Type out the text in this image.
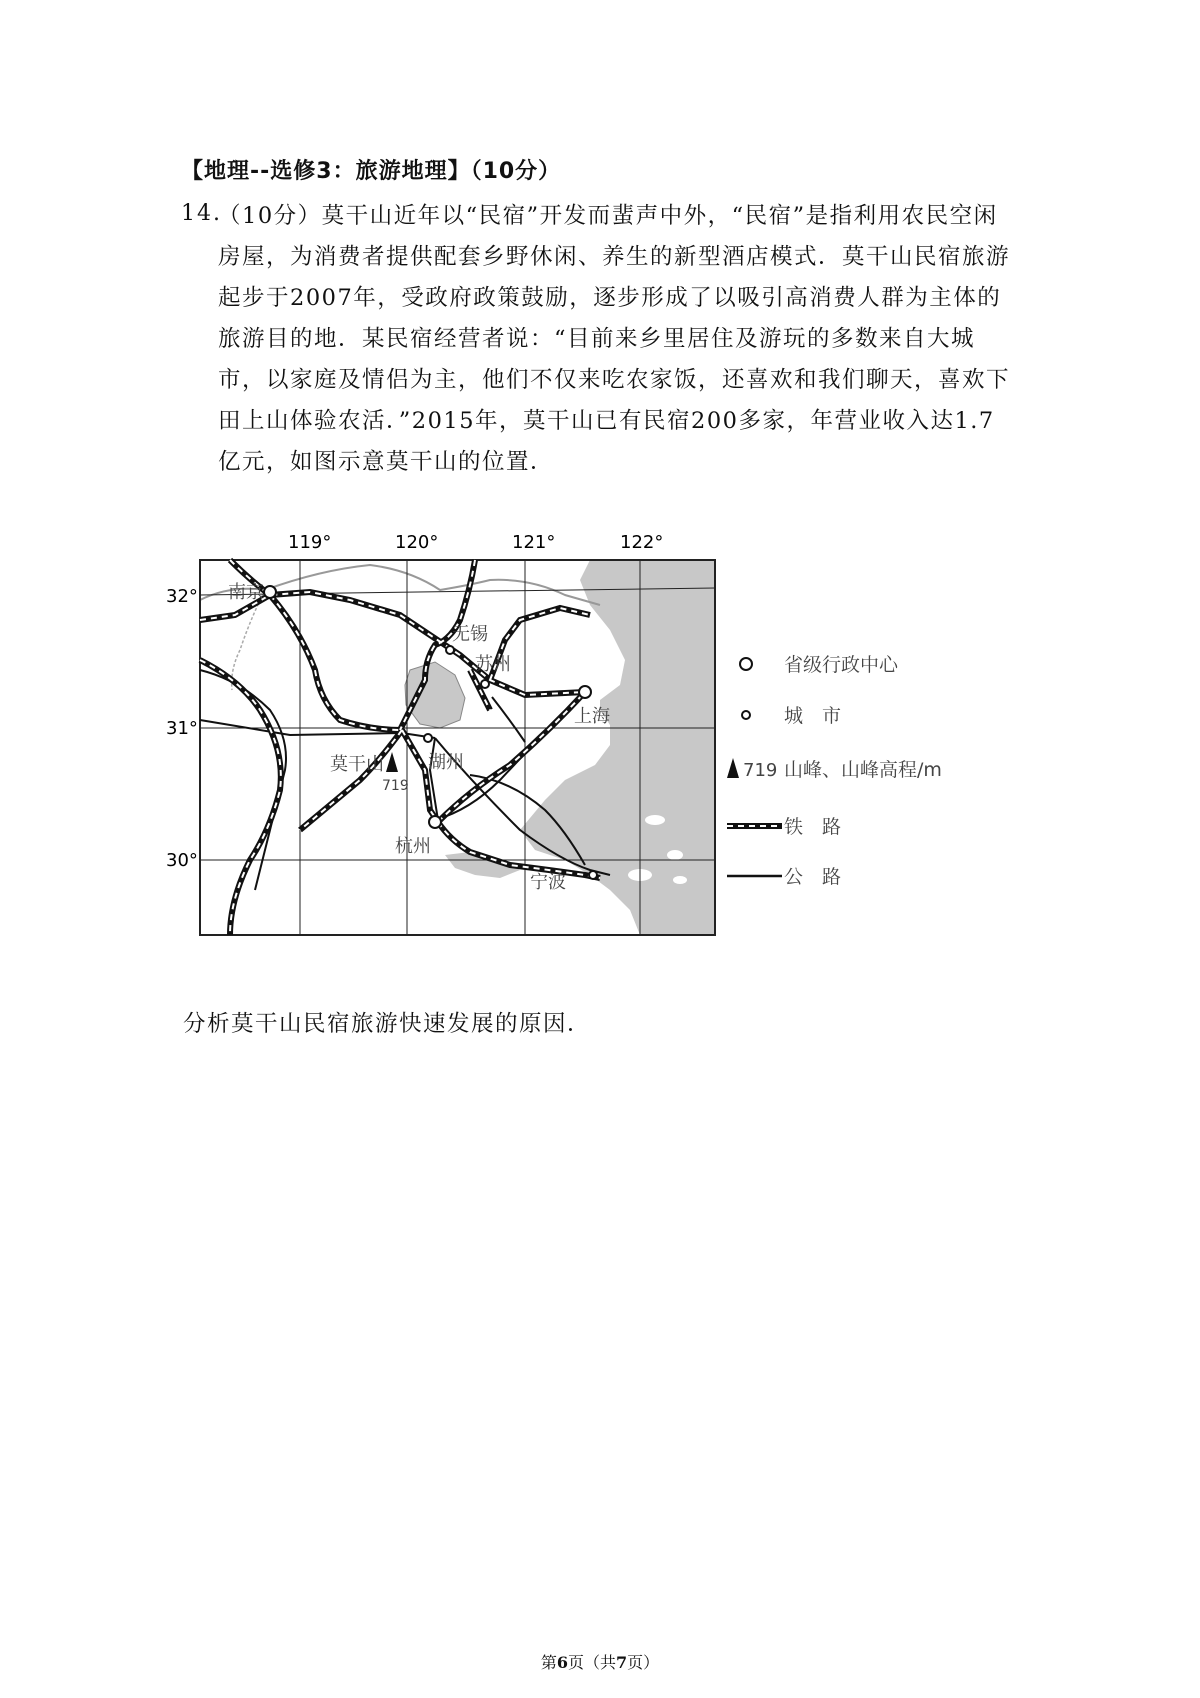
【地理--选修3：旅游地理】（10分）
14.
（10分）莫干山近年以“民宿”开发而蜚声中外，“民宿”是指利用农民空闲
房屋，为消费者提供配套乡野休闲、养生的新型酒店模式．莫干山民宿旅游
起步于2007年，受政府政策鼓励，逐步形成了以吸引高消费人群为主体的
旅游目的地．某民宿经营者说：“目前来乡里居住及游玩的多数来自大城
市，以家庭及情侣为主，他们不仅来吃农家饭，还喜欢和我们聊天，喜欢下
田上山体验农活．”2015年，莫干山已有民宿200多家，年营业收入达1.7
亿元，如图示意莫干山的位置．
119°	120°	121°	122°
32°
31°
30°
南京
无锡
苏州
上海
湖州
杭州
宁波
莫干山
719
省级行政中心
城　市
719 山峰、山峰高程/m
铁　路
公　路
分析莫干山民宿旅游快速发展的原因．
第6页（共7页）
